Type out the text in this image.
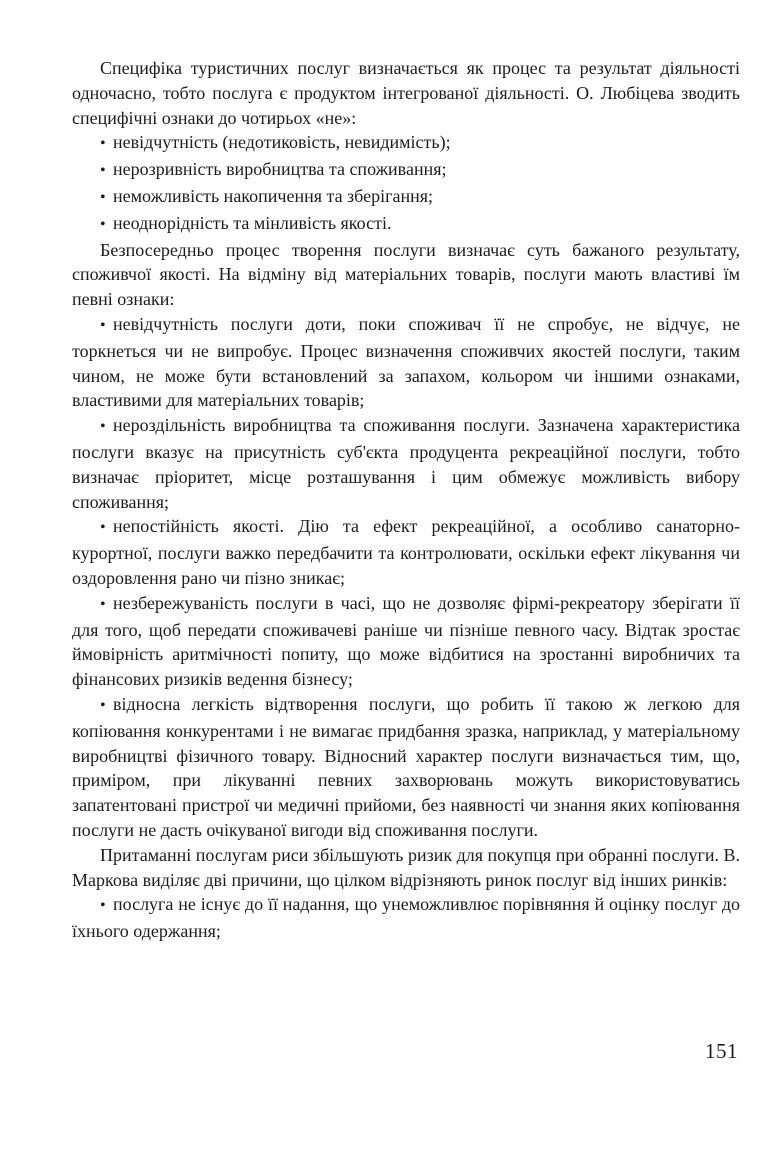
Специфіка туристичних послуг визначається як процес та результат діяльності одночасно, тобто послуга є продуктом інтегрованої діяльності. О. Любіцева зводить специфічні ознаки до чотирьох «не»:

• невідчутність (недотиковість, невидимість);
• нерозривність виробництва та споживання;
• неможливість накопичення та зберігання;
• неоднорідність та мінливість якості.

Безпосередньо процес творення послуги визначає суть бажаного результату, споживчої якості. На відміну від матеріальних товарів, послуги мають властиві їм певні ознаки:

• невідчутність послуги доти, поки споживач її не спробує, не відчує, не торкнеться чи не випробує. Процес визначення споживчих якостей послуги, таким чином, не може бути встановлений за запахом, кольором чи іншими ознаками, властивими для матеріальних товарів;
• нероздільність виробництва та споживання послуги. Зазначена характеристика послуги вказує на присутність суб'єкта продуцента рекреаційної послуги, тобто визначає пріоритет, місце розташування і цим обмежує можливість вибору споживання;
• непостійність якості. Дію та ефект рекреаційної, а особливо санаторно-курортної, послуги важко передбачити та контролювати, оскільки ефект лікування чи оздоровлення рано чи пізно зникає;
• незбережуваність послуги в часі, що не дозволяє фірмі-рекреатору зберігати її для того, щоб передати споживачеві раніше чи пізніше певного часу. Відтак зростає ймовірність аритмічності попиту, що може відбитися на зростанні виробничих та фінансових ризиків ведення бізнесу;
• відносна легкість відтворення послуги, що робить її такою ж легкою для копіювання конкурентами і не вимагає придбання зразка, наприклад, у матеріальному виробництві фізичного товару. Відносний характер послуги визначається тим, що, приміром, при лікуванні певних захворювань можуть використовуватись запатентовані пристрої чи медичні прийоми, без наявності чи знання яких копіювання послуги не дасть очікуваної вигоди від споживання послуги.

Притаманні послугам риси збільшують ризик для покупця при обранні послуги. В. Маркова виділяє дві причини, що цілком відрізняють ринок послуг від інших ринків:

• послуга не існує до її надання, що унеможливлює порівняння й оцінку послуг до їхнього одержання;
151
